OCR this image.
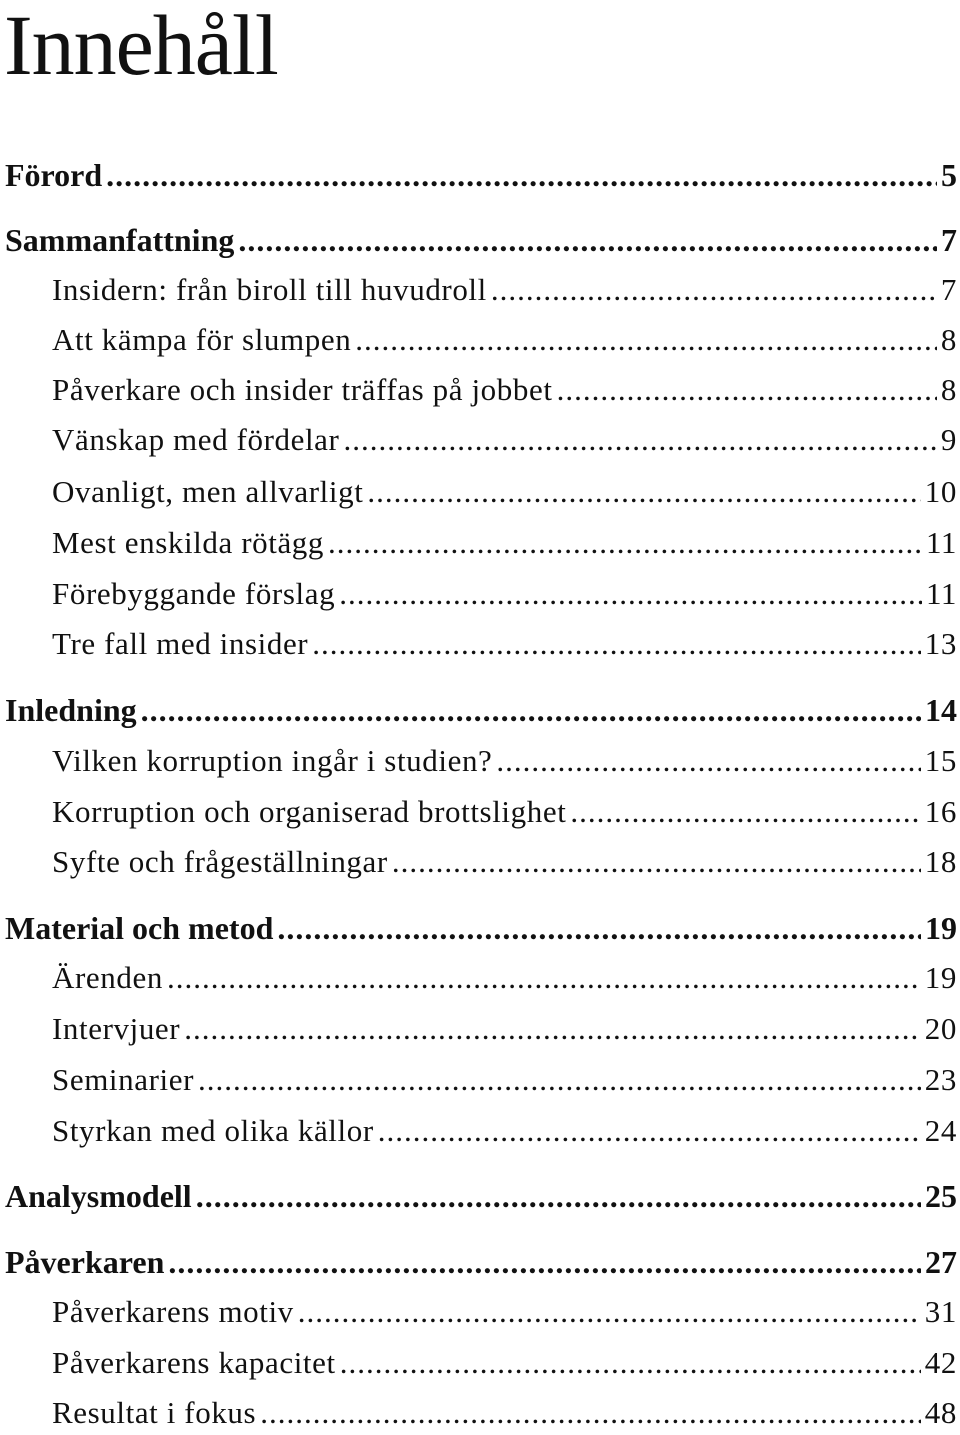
Innehåll
Förord .....	5
Sammanfattning .....	7
Insidern: från biroll till huvudroll .....	7
Att kämpa för slumpen .....	8
Påverkare och insider träffas på jobbet .....	8
Vänskap med fördelar .....	9
Ovanligt, men allvarligt .....	10
Mest enskilda rötägg .....	11
Förebyggande förslag .....	11
Tre fall med insider .....	13
Inledning .....	14
Vilken korruption ingår i studien? .....	15
Korruption och organiserad brottslighet .....	16
Syfte och frågeställningar .....	18
Material och metod .....	19
Ärenden .....	19
Intervjuer .....	20
Seminarier .....	23
Styrkan med olika källor .....	24
Analysmodell .....	25
Påverkaren .....	27
Påverkarens motiv .....	31
Påverkarens kapacitet .....	42
Resultat i fokus .....	48
